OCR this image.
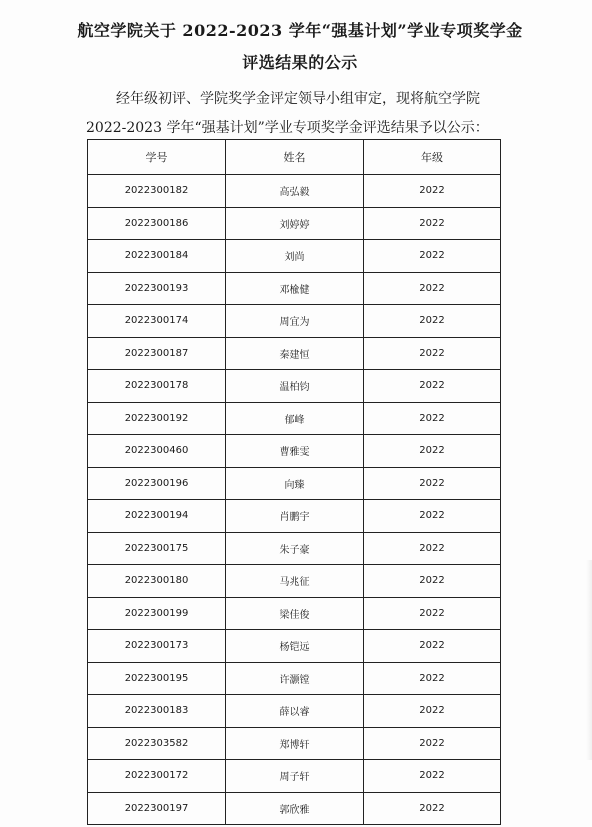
航空学院关于 2022-2023 学年“强基计划”学业专项奖学金
评选结果的公示
经年级初评、学院奖学金评定领导小组审定，现将航空学院
2022-2023 学年“强基计划”学业专项奖学金评选结果予以公示：
学号	姓名	年级
2022300182	高弘毅	2022
2022300186	刘婷婷	2022
2022300184	刘尚	2022
2022300193	邓楡健	2022
2022300174	周宜为	2022
2022300187	秦建恒	2022
2022300178	温柏钧	2022
2022300192	郁峰	2022
2022300460	曹雅雯	2022
2022300196	向臻	2022
2022300194	肖鹏宇	2022
2022300175	朱子豪	2022
2022300180	马兆征	2022
2022300199	梁佳俊	2022
2022300173	杨铠远	2022
2022300195	许灏镗	2022
2022300183	薛以睿	2022
2022303582	郑博轩	2022
2022300172	周子轩	2022
2022300197	郭欣雅	2022
